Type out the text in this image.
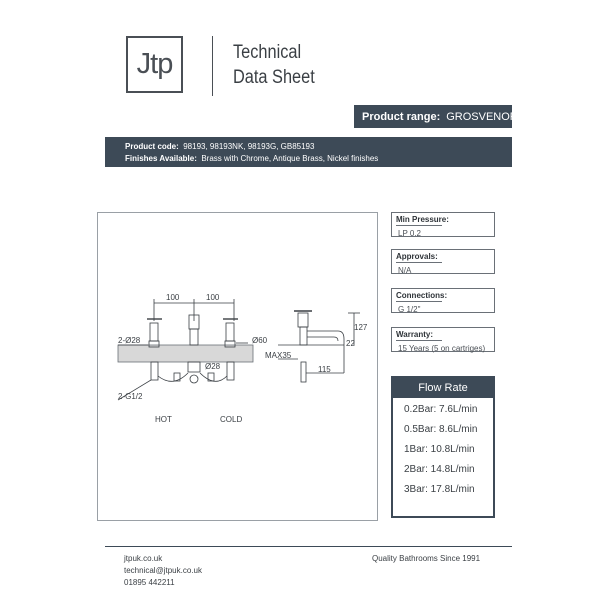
Jtp	Technical
Data Sheet
Product range: GROSVENOR
Product code: 98193, 98193NK, 98193G, GB85193
Finishes Available: Brass with Chrome, Antique Brass, Nickel finishes
100	100
2-Ø28	Ø60
Ø28
MAX35
2-G1/2
127
22
115
HOT	COLD
Min Pressure:
LP 0.2
Approvals:
N/A
Connections:
G 1/2"
Warranty:
15 Years (5 on cartriges)
Flow Rate
0.2Bar: 7.6L/min
0.5Bar: 8.6L/min
1Bar: 10.8L/min
2Bar: 14.8L/min
3Bar: 17.8L/min
jtpuk.co.uk
technical@jtpuk.co.uk
01895 442211
Quality Bathrooms Since 1991
